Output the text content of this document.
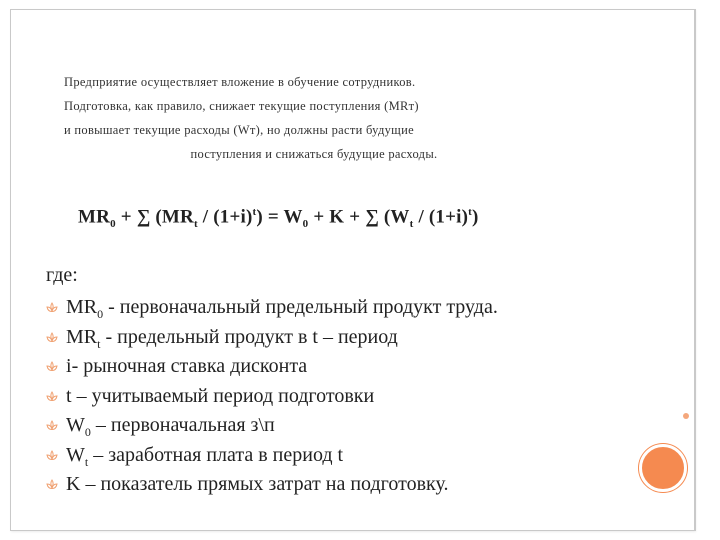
Предприятие осуществляет вложение в обучение сотрудников.
Подготовка, как правило, снижает текущие поступления (MRт)
и повышает текущие расходы (Wт), но должны расти будущие
поступления и снижаться будущие расходы.
$MR_0$ + ∑ $(MR_t / (1+i)^t) = W_0 + K$ + ∑ $(W_t / (1+i)^t)$
где:
$MR_0$ - первоначальный предельный продукт труда.
$MR_t$ - предельный продукт в t – период
i- рыночная ставка дисконта
t – учитываемый период подготовки
$W_0$ – первоначальная з\п
$W_t$ – заработная плата в период t
K – показатель прямых затрат на подготовку.
